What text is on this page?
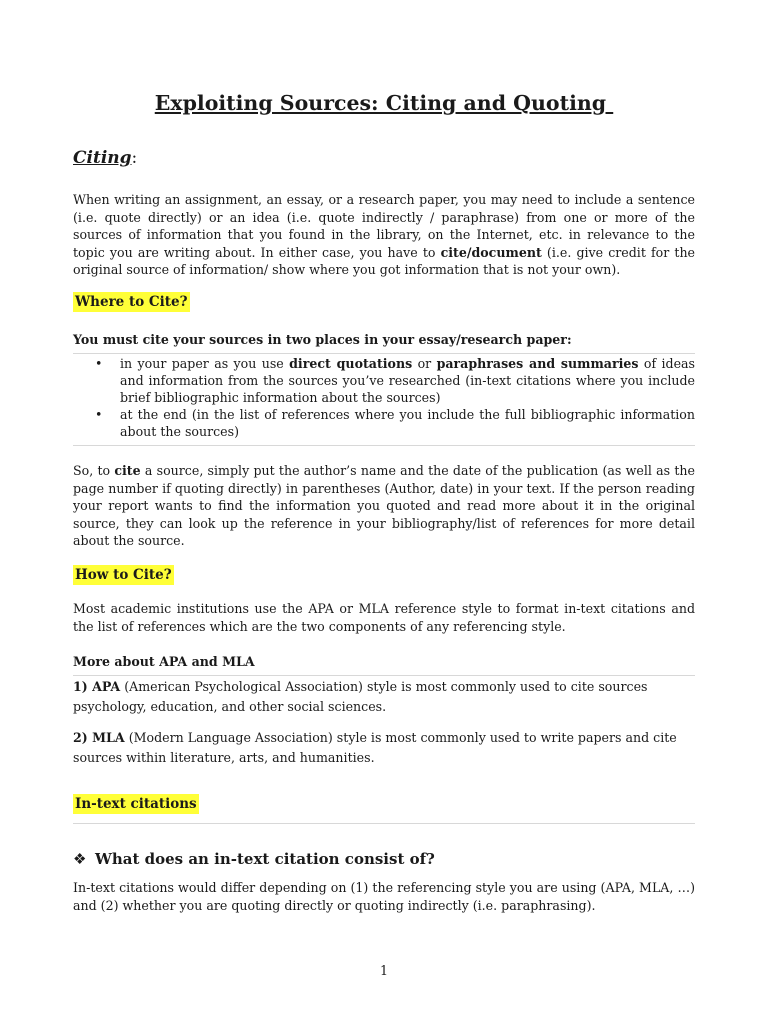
Exploiting Sources: Citing and Quoting
Citing:
When writing an assignment, an essay, or a research paper, you may need to include a sentence (i.e. quote directly) or an idea (i.e. quote indirectly / paraphrase) from one or more of the sources of information that you found in the library, on the Internet, etc. in relevance to the topic you are writing about. In either case, you have to cite/document (i.e. give credit for the original source of information/ show where you got information that is not your own).
Where to Cite?
You must cite your sources in two places in your essay/research paper:
• in your paper as you use direct quotations or paraphrases and summaries of ideas and information from the sources you’ve researched (in-text citations where you include brief bibliographic information about the sources)
• at the end (in the list of references where you include the full bibliographic information about the sources)
So, to cite a source, simply put the author’s name and the date of the publication (as well as the page number if quoting directly) in parentheses (Author, date) in your text. If the person reading your report wants to find the information you quoted and read more about it in the original source, they can look up the reference in your bibliography/list of references for more detail about the source.
How to Cite?
Most academic institutions use the APA or MLA reference style to format in-text citations and the list of references which are the two components of any referencing style.
More about APA and MLA
1) APA (American Psychological Association) style is most commonly used to cite sources psychology, education, and other social sciences.
2) MLA (Modern Language Association) style is most commonly used to write papers and cite sources within literature, arts, and humanities.
In-text citations
❖ What does an in-text citation consist of?
In-text citations would differ depending on (1) the referencing style you are using (APA, MLA, …) and (2) whether you are quoting directly or quoting indirectly (i.e. paraphrasing).
1
